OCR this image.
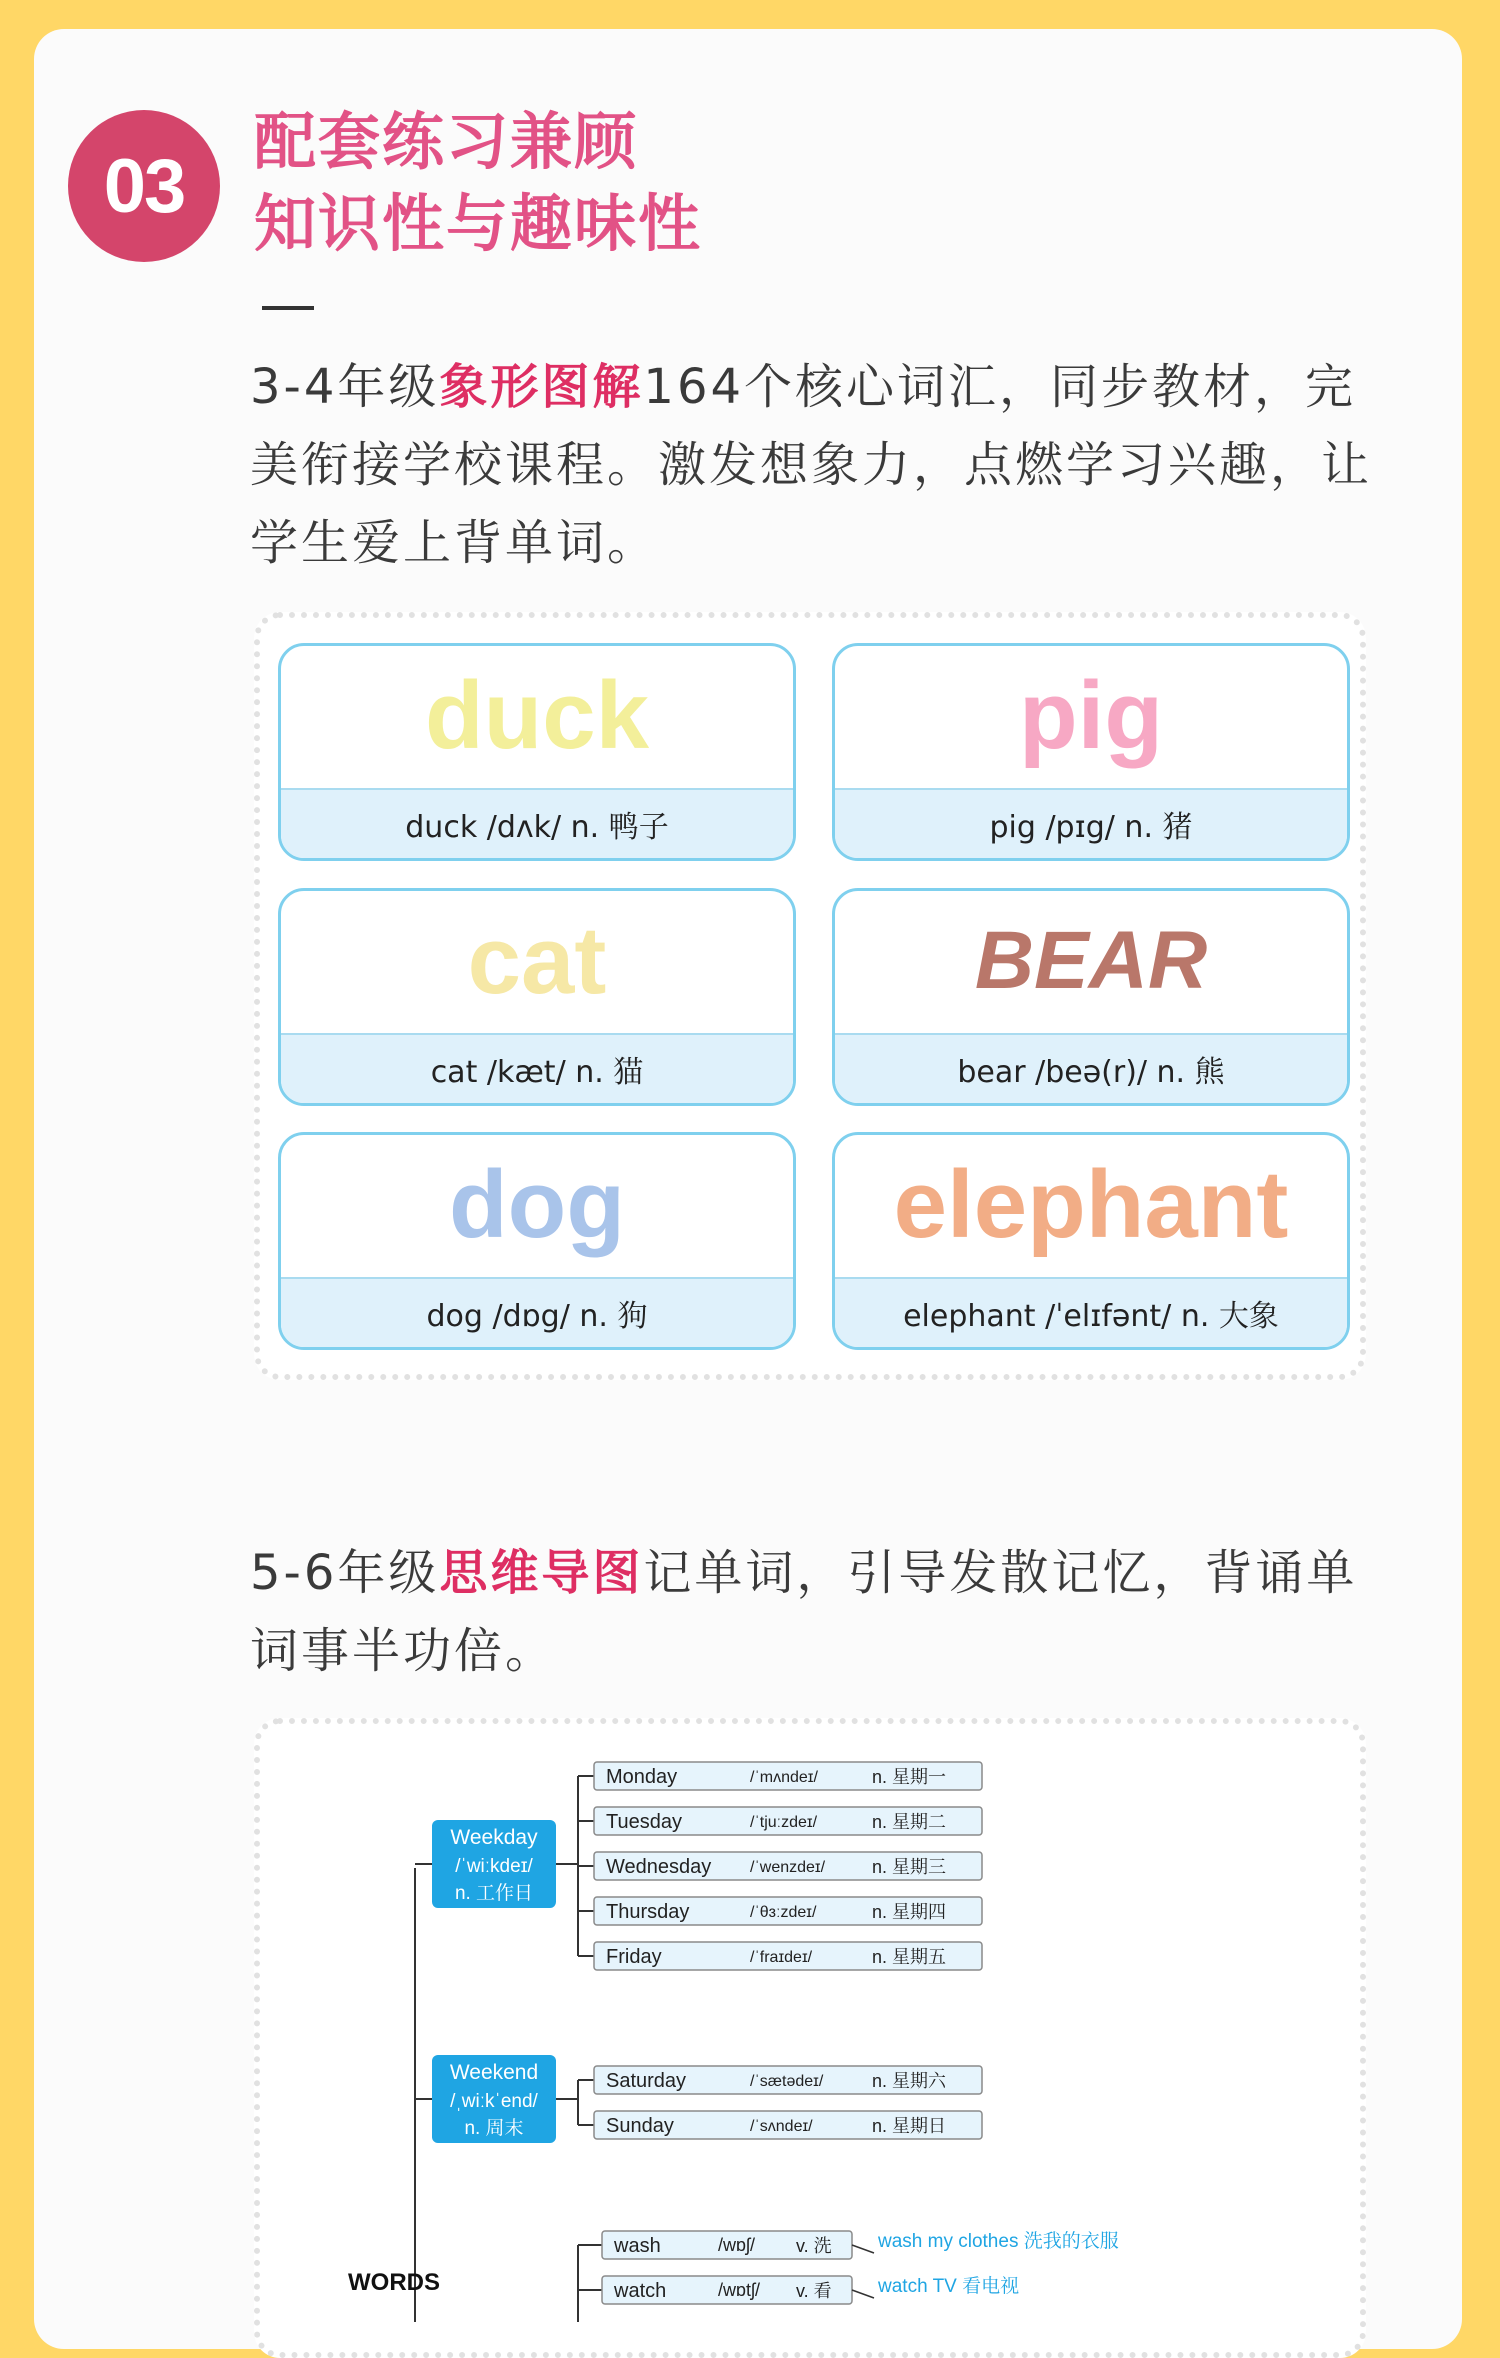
03
配套练习兼顾
知识性与趣味性
3-4年级象形图解164个核心词汇，同步教材，完美衔接学校课程。激发想象力，点燃学习兴趣，让学生爱上背单词。
duck
duck /dʌk/ n. 鸭子
pig
pig /pɪg/ n. 猪
cat
cat /kæt/ n. 猫
BEAR
bear /beə(r)/ n. 熊
dog
dog /dɒg/ n. 狗
elephant
elephant /ˈelɪfənt/ n. 大象
5-6年级思维导图记单词，引导发散记忆，背诵单词事半功倍。
WORDS
Weekday
/ˈwiːkdeɪ/
n. 工作日
Monday	/ˈmʌndeɪ/	n. 星期一
Tuesday	/ˈtjuːzdeɪ/	n. 星期二
Wednesday /ˈwenzdeɪ/	n. 星期三
Thursday	/ˈθɜːzdeɪ/	n. 星期四
Friday	/ˈfraɪdeɪ/	n. 星期五
Weekend
/ˌwiːkˈend/
n. 周末
Saturday	/ˈsætədeɪ/	n. 星期六
Sunday	/ˈsʌndeɪ/	n. 星期日
wash	/wɒʃ/ v. 洗 wash my clothes 洗我的衣服
watch	/wɒtʃ/ v. 看 watch TV 看电视
